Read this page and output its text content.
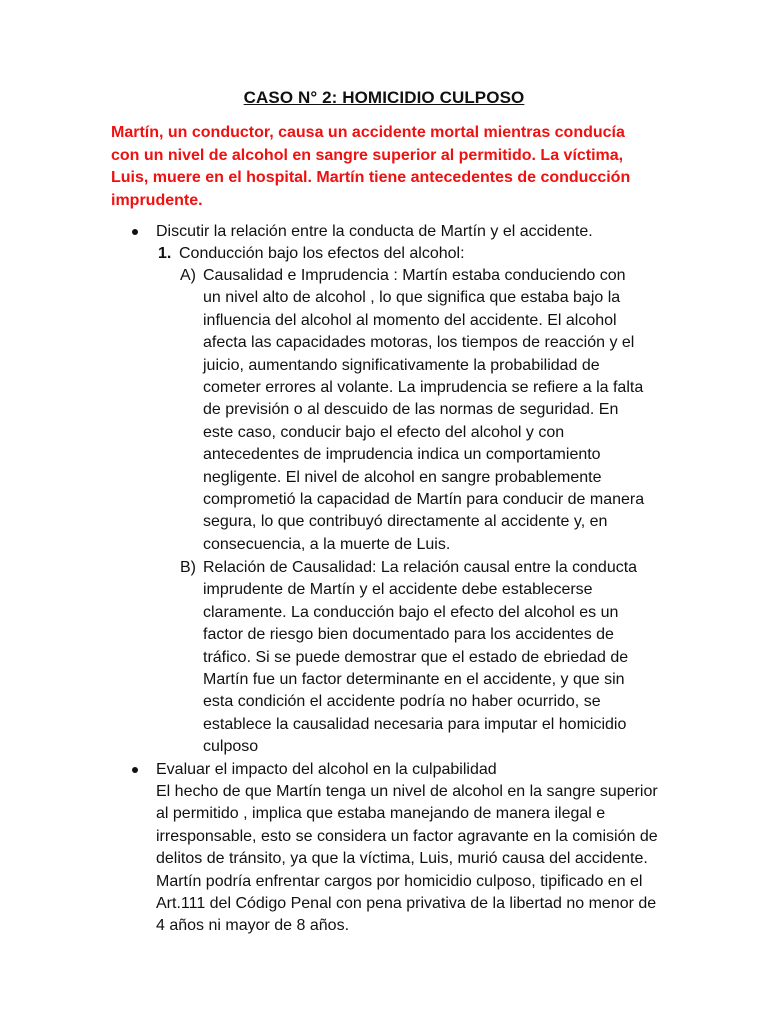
CASO N° 2: HOMICIDIO CULPOSO
Martín, un conductor, causa un accidente mortal mientras conducía con un nivel de alcohol en sangre superior al permitido. La víctima, Luis, muere en el hospital. Martín tiene antecedentes de conducción imprudente.
Discutir la relación entre la conducta de Martín y el accidente.
1. Conducción bajo los efectos del alcohol:
A) Causalidad e Imprudencia : Martín estaba conduciendo con un nivel alto de alcohol , lo que significa que estaba bajo la influencia del alcohol al momento del accidente. El alcohol afecta las capacidades motoras, los tiempos de reacción y el juicio, aumentando significativamente la probabilidad de cometer errores al volante. La imprudencia se refiere a la falta de previsión o al descuido de las normas de seguridad. En este caso, conducir bajo el efecto del alcohol y con antecedentes de imprudencia indica un comportamiento negligente. El nivel de alcohol en sangre probablemente comprometió la capacidad de Martín para conducir de manera segura, lo que contribuyó directamente al accidente y, en consecuencia, a la muerte de Luis.
B) Relación de Causalidad: La relación causal entre la conducta imprudente de Martín y el accidente debe establecerse claramente. La conducción bajo el efecto del alcohol es un factor de riesgo bien documentado para los accidentes de tráfico. Si se puede demostrar que el estado de ebriedad de Martín fue un factor determinante en el accidente, y que sin esta condición el accidente podría no haber ocurrido, se establece la causalidad necesaria para imputar el homicidio culposo
Evaluar el impacto del alcohol en la culpabilidad
El hecho de que Martín tenga un nivel de alcohol en la sangre superior al permitido , implica que estaba manejando de manera ilegal e irresponsable, esto se considera un factor agravante en la comisión de delitos de tránsito, ya que la víctima, Luis, murió causa del accidente. Martín podría enfrentar cargos por homicidio culposo, tipificado en el Art.111 del Código Penal con pena privativa de la libertad no menor de 4 años ni mayor de 8 años.
